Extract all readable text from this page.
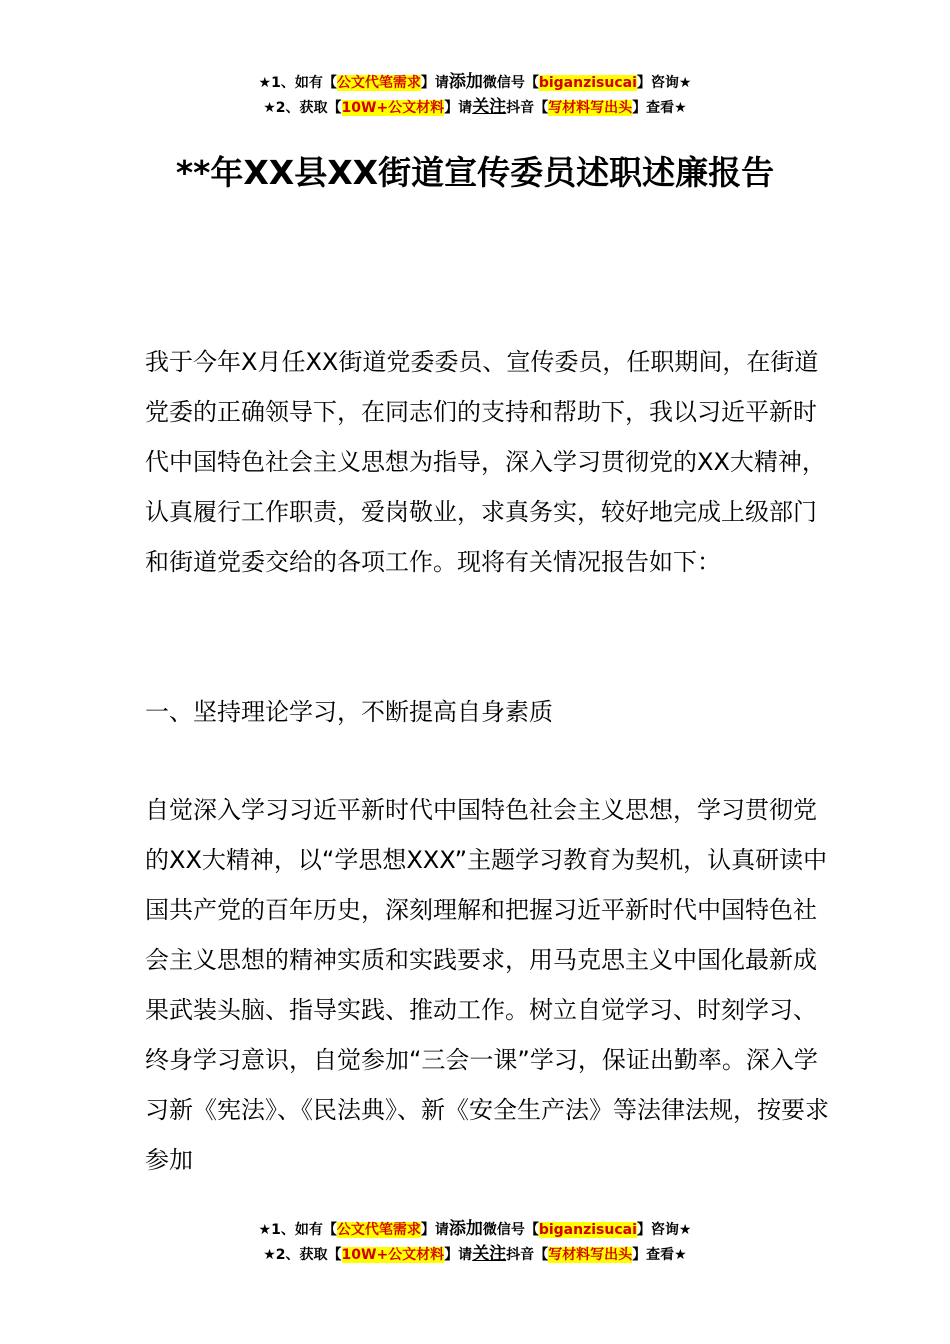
★1、如有【公文代笔需求】请添加微信号【biganzisucai】咨询★
★2、获取【10W+公文材料】请关注抖音【写材料写出头】查看★
**年XX县XX街道宣传委员述职述廉报告

我于今年X月任XX街道党委委员、宣传委员，任职期间，在街道党委的正确领导下，在同志们的支持和帮助下，我以习近平新时代中国特色社会主义思想为指导，深入学习贯彻党的XX大精神，认真履行工作职责，爱岗敬业，求真务实，较好地完成上级部门和街道党委交给的各项工作。现将有关情况报告如下：

一、坚持理论学习，不断提高自身素质

自觉深入学习习近平新时代中国特色社会主义思想，学习贯彻党的XX大精神，以“学思想XXX”主题学习教育为契机，认真研读中国共产党的百年历史，深刻理解和把握习近平新时代中国特色社会主义思想的精神实质和实践要求，用马克思主义中国化最新成果武装头脑、指导实践、推动工作。树立自觉学习、时刻学习、终身学习意识，自觉参加“三会一课”学习，保证出勤率。深入学习新《宪法》、《民法典》、新《安全生产法》等法律法规，按要求参加

★1、如有【公文代笔需求】请添加微信号【biganzisucai】咨询★
★2、获取【10W+公文材料】请关注抖音【写材料写出头】查看★
